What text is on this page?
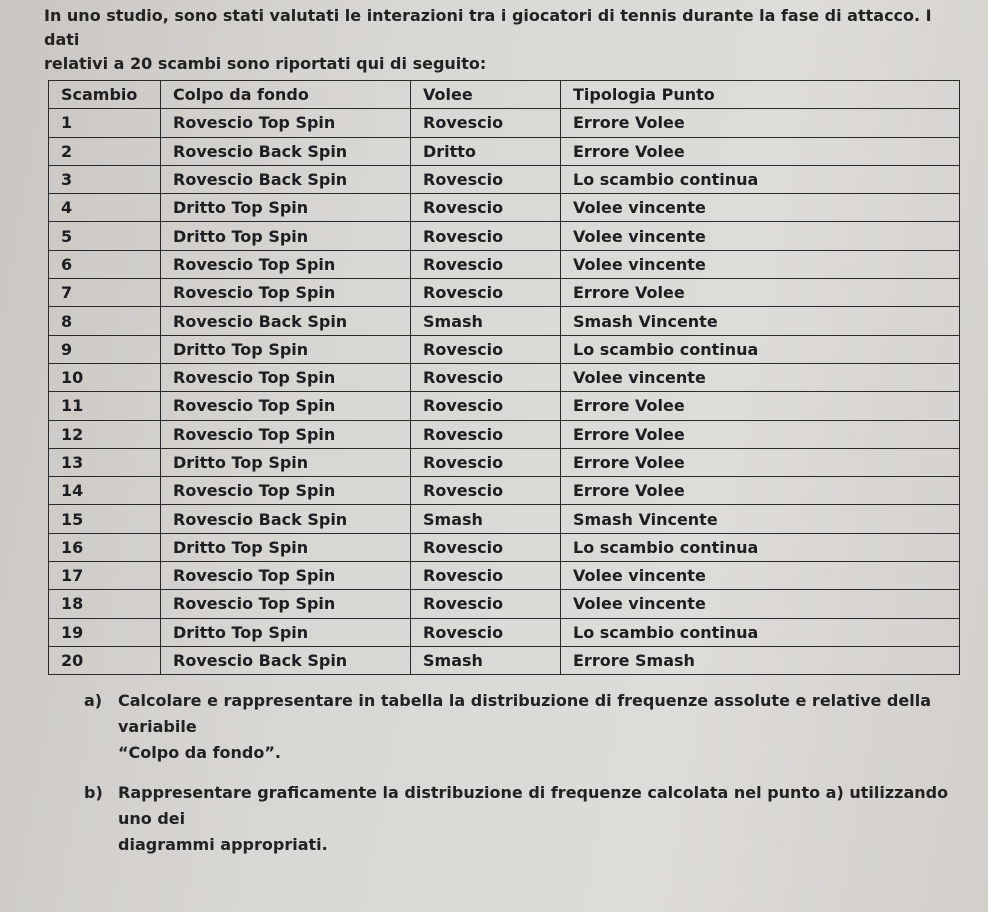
In uno studio, sono stati valutati le interazioni tra i giocatori di tennis durante la fase di attacco. I dati
relativi a 20 scambi sono riportati qui di seguito:
Scambio	Colpo da fondo	Volee	Tipologia Punto
1	Rovescio Top Spin	Rovescio	Errore Volee
2	Rovescio Back Spin	Dritto	Errore Volee
3	Rovescio Back Spin	Rovescio	Lo scambio continua
4	Dritto Top Spin	Rovescio	Volee vincente
5	Dritto Top Spin	Rovescio	Volee vincente
6	Rovescio Top Spin	Rovescio	Volee vincente
7	Rovescio Top Spin	Rovescio	Errore Volee
8	Rovescio Back Spin	Smash	Smash Vincente
9	Dritto Top Spin	Rovescio	Lo scambio continua
10	Rovescio Top Spin	Rovescio	Volee vincente
11	Rovescio Top Spin	Rovescio	Errore Volee
12	Rovescio Top Spin	Rovescio	Errore Volee
13	Dritto Top Spin	Rovescio	Errore Volee
14	Rovescio Top Spin	Rovescio	Errore Volee
15	Rovescio Back Spin	Smash	Smash Vincente
16	Dritto Top Spin	Rovescio	Lo scambio continua
17	Rovescio Top Spin	Rovescio	Volee vincente
18	Rovescio Top Spin	Rovescio	Volee vincente
19	Dritto Top Spin	Rovescio	Lo scambio continua
20	Rovescio Back Spin	Smash	Errore Smash
a) Calcolare e rappresentare in tabella la distribuzione di frequenze assolute e relative della variabile
“Colpo da fondo”.
b) Rappresentare graficamente la distribuzione di frequenze calcolata nel punto a) utilizzando uno dei
diagrammi appropriati.
